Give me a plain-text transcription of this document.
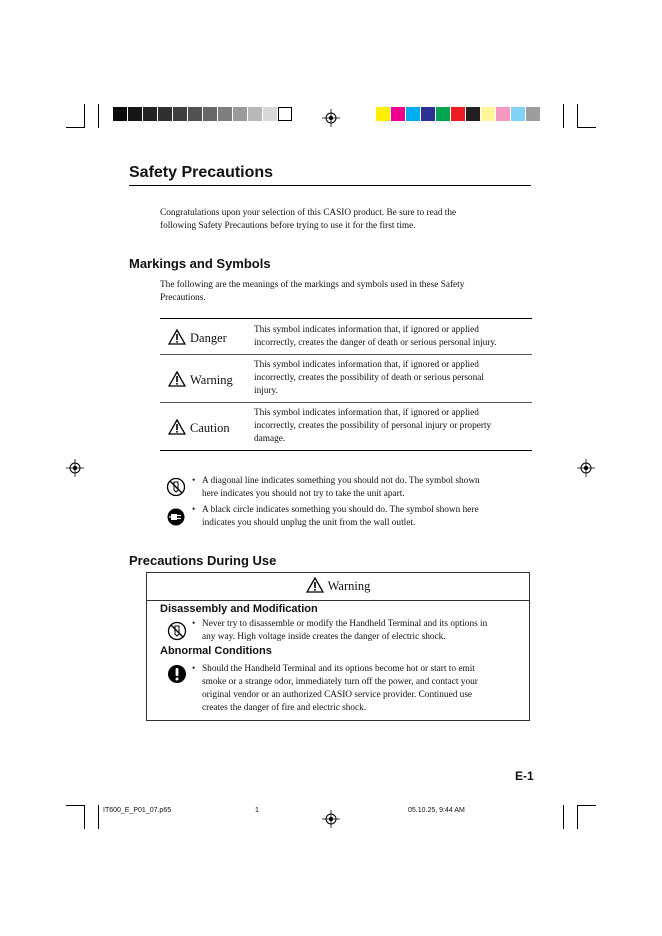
Safety Precautions
Congratulations upon your selection of this CASIO product. Be sure to read the
following Safety Precautions before trying to use it for the first time.
Markings and Symbols
The following are the meanings of the markings and symbols used in these Safety
Precautions.
Danger	This symbol indicates information that, if ignored or applied
incorrectly, creates the danger of death or serious personal injury.

Warning	This symbol indicates information that, if ignored or applied
incorrectly, creates the possibility of death or serious personal
injury.

Caution	This symbol indicates information that, if ignored or applied
incorrectly, creates the possibility of personal injury or property
damage.
• A diagonal line indicates something you should not do. The symbol shown
here indicates you should not try to take the unit apart.
• A black circle indicates something you should do. The symbol shown here
indicates you should unplug the unit from the wall outlet.
Precautions During Use
Warning
Disassembly and Modification
• Never try to disassemble or modify the Handheld Terminal and its options in
any way. High voltage inside creates the danger of electric shock.
Abnormal Conditions
• Should the Handheld Terminal and its options become hot or start to emit
smoke or a strange odor, immediately turn off the power, and contact your
original vendor or an authorized CASIO service provider. Continued use
creates the danger of fire and electric shock.
E-1
IT600_E_P01_07.p65	1	05.10.25, 9:44 AM
